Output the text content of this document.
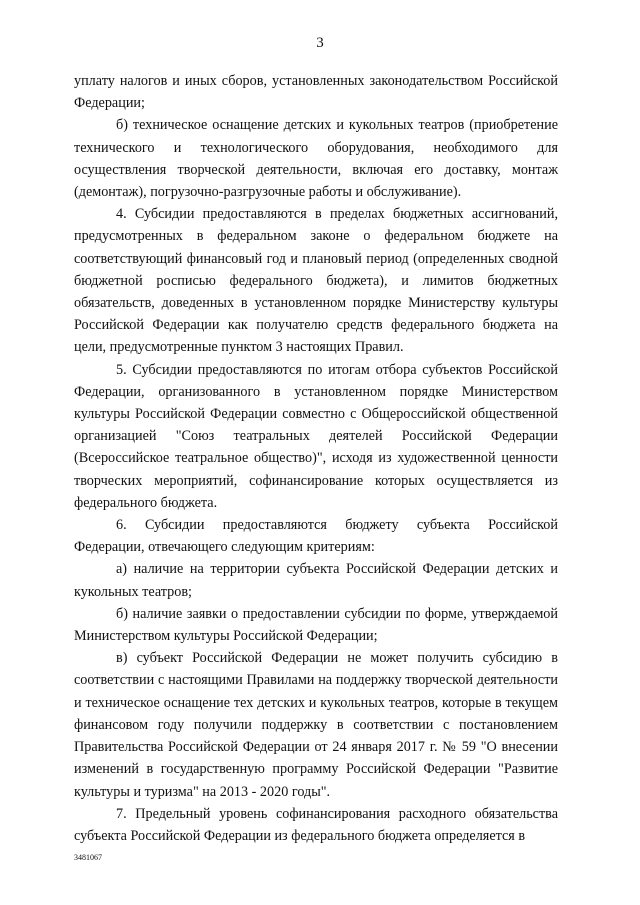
3

уплату налогов и иных сборов, установленных законодательством Российской Федерации;

б) техническое оснащение детских и кукольных театров (приобретение технического и технологического оборудования, необходимого для осуществления творческой деятельности, включая его доставку, монтаж (демонтаж), погрузочно-разгрузочные работы и обслуживание).

4. Субсидии предоставляются в пределах бюджетных ассигнований, предусмотренных в федеральном законе о федеральном бюджете на соответствующий финансовый год и плановый период (определенных сводной бюджетной росписью федерального бюджета), и лимитов бюджетных обязательств, доведенных в установленном порядке Министерству культуры Российской Федерации как получателю средств федерального бюджета на цели, предусмотренные пунктом 3 настоящих Правил.

5. Субсидии предоставляются по итогам отбора субъектов Российской Федерации, организованного в установленном порядке Министерством культуры Российской Федерации совместно с Общероссийской общественной организацией "Союз театральных деятелей Российской Федерации (Всероссийское театральное общество)", исходя из художественной ценности творческих мероприятий, софинансирование которых осуществляется из федерального бюджета.

6. Субсидии предоставляются бюджету субъекта Российской Федерации, отвечающего следующим критериям:

а) наличие на территории субъекта Российской Федерации детских и кукольных театров;

б) наличие заявки о предоставлении субсидии по форме, утверждаемой Министерством культуры Российской Федерации;

в) субъект Российской Федерации не может получить субсидию в соответствии с настоящими Правилами на поддержку творческой деятельности и техническое оснащение тех детских и кукольных театров, которые в текущем финансовом году получили поддержку в соответствии с постановлением Правительства Российской Федерации от 24 января 2017 г. № 59 "О внесении изменений в государственную программу Российской Федерации "Развитие культуры и туризма" на 2013 - 2020 годы".

7. Предельный уровень софинансирования расходного обязательства субъекта Российской Федерации из федерального бюджета определяется в

3481067
